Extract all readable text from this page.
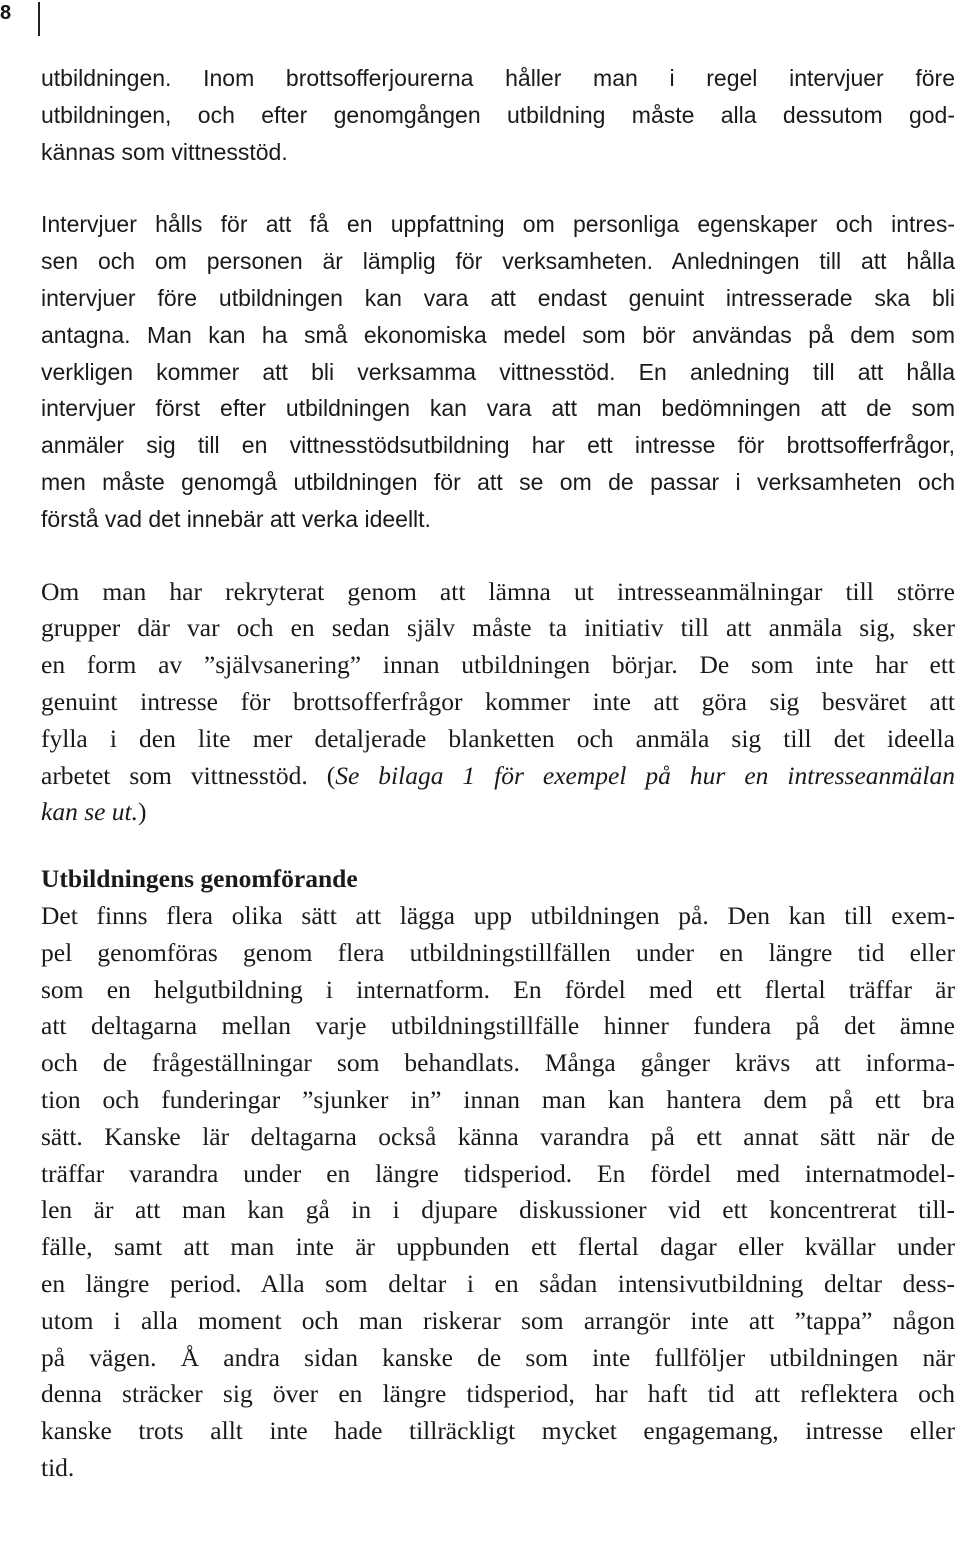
8
utbildningen. Inom brottsofferjourerna håller man i regel intervjuer före
utbildningen, och efter genomgången utbildning måste alla dessutom god-
kännas som vittnesstöd.
Intervjuer hålls för att få en uppfattning om personliga egenskaper och intres-
sen och om personen är lämplig för verksamheten. Anledningen till att hålla
intervjuer före utbildningen kan vara att endast genuint intresserade ska bli
antagna. Man kan ha små ekonomiska medel som bör användas på dem som
verkligen kommer att bli verksamma vittnesstöd. En anledning till att hålla
intervjuer först efter utbildningen kan vara att man bedömningen att de som
anmäler sig till en vittnesstödsutbildning har ett intresse för brottsofferfrågor,
men måste genomgå utbildningen för att se om de passar i verksamheten och
förstå vad det innebär att verka ideellt.
Om man har rekryterat genom att lämna ut intresseanmälningar till större
grupper där var och en sedan själv måste ta initiativ till att anmäla sig, sker
en form av ”självsanering” innan utbildningen börjar. De som inte har ett
genuint intresse för brottsofferfrågor kommer inte att göra sig besväret att
fylla i den lite mer detaljerade blanketten och anmäla sig till det ideella
arbetet som vittnesstöd. (Se bilaga 1 för exempel på hur en intresseanmälan
kan se ut.)
Utbildningens genomförande
Det finns flera olika sätt att lägga upp utbildningen på. Den kan till exem-
pel genomföras genom flera utbildningstillfällen under en längre tid eller
som en helgutbildning i internatform. En fördel med ett flertal träffar är
att deltagarna mellan varje utbildningstillfälle hinner fundera på det ämne
och de frågeställningar som behandlats. Många gånger krävs att informa-
tion och funderingar ”sjunker in” innan man kan hantera dem på ett bra
sätt. Kanske lär deltagarna också känna varandra på ett annat sätt när de
träffar varandra under en längre tidsperiod. En fördel med internatmodel-
len är att man kan gå in i djupare diskussioner vid ett koncentrerat till-
fälle, samt att man inte är uppbunden ett flertal dagar eller kvällar under
en längre period. Alla som deltar i en sådan intensivutbildning deltar dess-
utom i alla moment och man riskerar som arrangör inte att ”tappa” någon
på vägen. Å andra sidan kanske de som inte fullföljer utbildningen när
denna sträcker sig över en längre tidsperiod, har haft tid att reflektera och
kanske trots allt inte hade tillräckligt mycket engagemang, intresse eller
tid.
